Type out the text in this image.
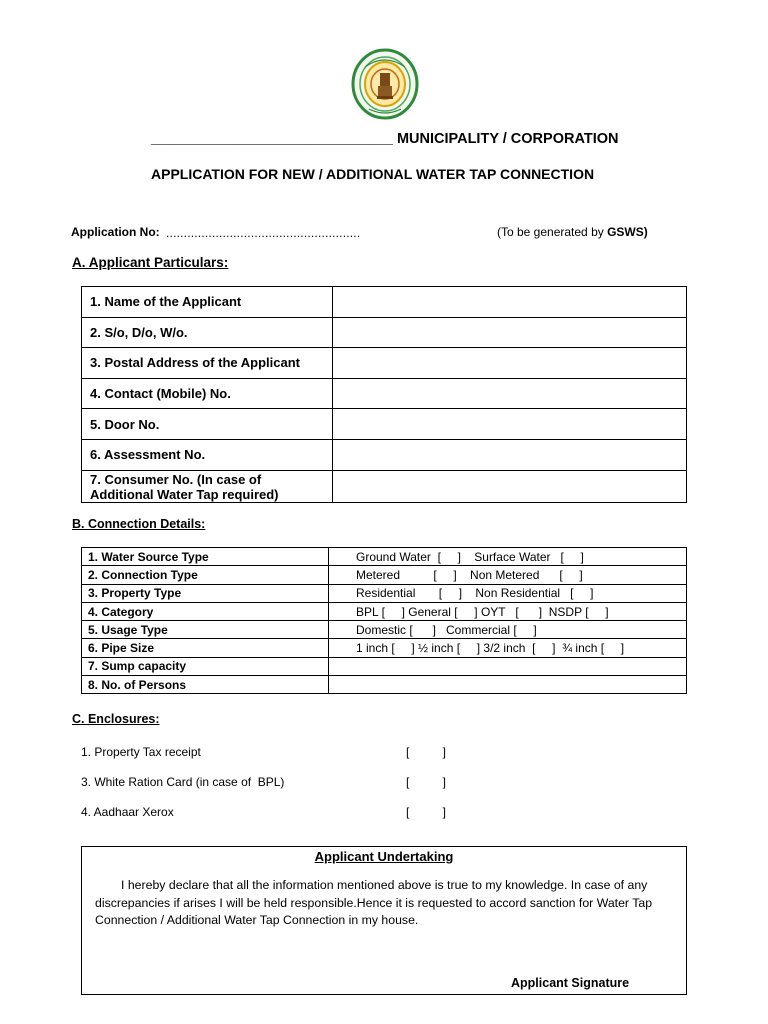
______________________________ MUNICIPALITY / CORPORATION
APPLICATION FOR NEW / ADDITIONAL WATER TAP CONNECTION
Application No: .......................................................	(To be generated by GSWS)
A. Applicant Particulars:
1. Name of the Applicant	
2. S/o, D/o, W/o.	
3. Postal Address of the Applicant	
4. Contact (Mobile) No.	
5. Door No.	
6. Assessment No.	
7. Consumer No. (In case of
Additional Water Tap required)	
B. Connection Details:
1. Water Source Type	Ground Water  [     ]    Surface Water   [     ]
2. Connection Type	Metered          [     ]    Non Metered      [     ]
3. Property Type	Residential       [     ]    Non Residential   [     ]
4. Category	BPL [     ] General [     ] OYT   [      ]  NSDP [     ]
5. Usage Type	Domestic [      ]   Commercial [     ]
6. Pipe Size	1 inch [     ] ½ inch [     ] 3/2 inch  [     ]  ¾ inch [     ]
7. Sump capacity	
8. No. of Persons	
C. Enclosures:
1. Property Tax receipt	[          ]
3. White Ration Card (in case of  BPL)	[          ]
4. Aadhaar Xerox	[          ]
Applicant Undertaking
I hereby declare that all the information mentioned above is true to my knowledge. In case of any discrepancies if arises I will be held responsible.Hence it is requested to accord sanction for Water Tap Connection / Additional Water Tap Connection in my house.
Applicant Signature
